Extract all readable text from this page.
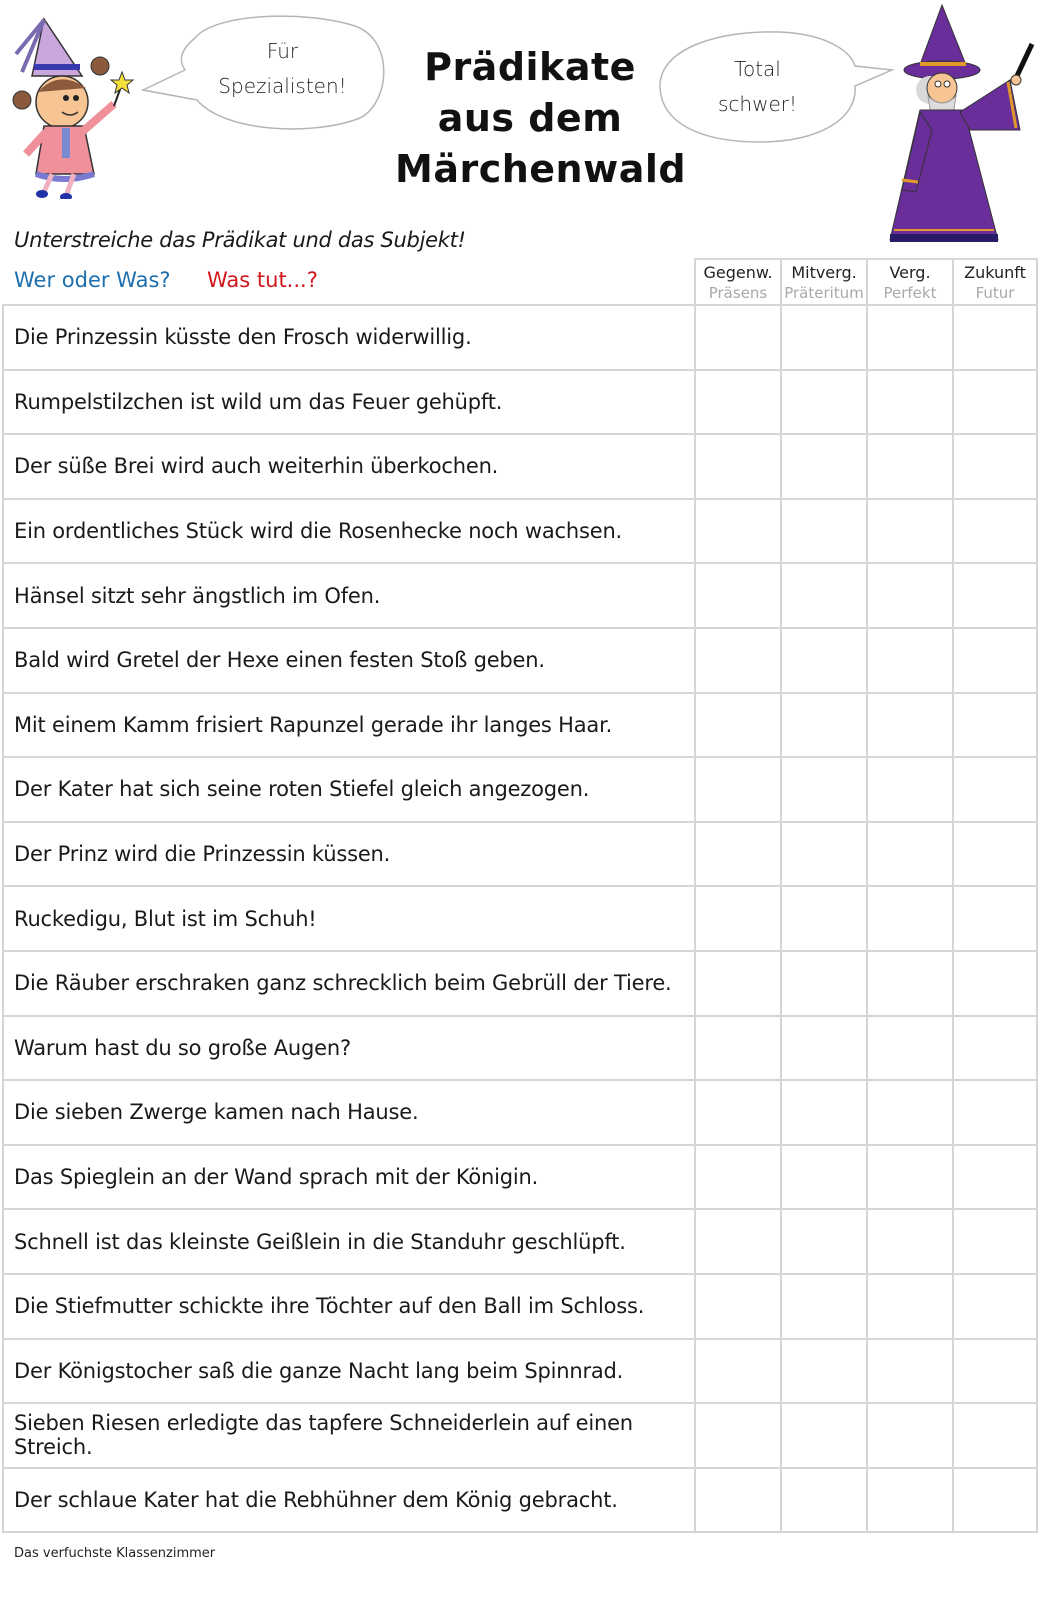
Für
Spezialisten!	Prädikate
aus dem
Märchenwald
Total
schwer!
Unterstreiche das Prädikat und das Subjekt!
Wer oder Was? Was tut...?	Gegenw.
Präsens
Mitverg.
Präteritum
Verg.
Perfekt
Zukunft
Futur
Die Prinzessin küsste den Frosch widerwillig.
Rumpelstilzchen ist wild um das Feuer gehüpft.
Der süße Brei wird auch weiterhin überkochen.
Ein ordentliches Stück wird die Rosenhecke noch wachsen.
Hänsel sitzt sehr ängstlich im Ofen.
Bald wird Gretel der Hexe einen festen Stoß geben.
Mit einem Kamm frisiert Rapunzel gerade ihr langes Haar.
Der Kater hat sich seine roten Stiefel gleich angezogen.
Der Prinz wird die Prinzessin küssen.
Ruckedigu, Blut ist im Schuh!
Die Räuber erschraken ganz schrecklich beim Gebrüll der Tiere.
Warum hast du so große Augen?
Die sieben Zwerge kamen nach Hause.
Das Spieglein an der Wand sprach mit der Königin.
Schnell ist das kleinste Geißlein in die Standuhr geschlüpft.
Die Stiefmutter schickte ihre Töchter auf den Ball im Schloss.
Der Königstocher saß die ganze Nacht lang beim Spinnrad.
Sieben Riesen erledigte das tapfere Schneiderlein auf einen Streich.
Der schlaue Kater hat die Rebhühner dem König gebracht.
Das verfuchste Klassenzimmer
